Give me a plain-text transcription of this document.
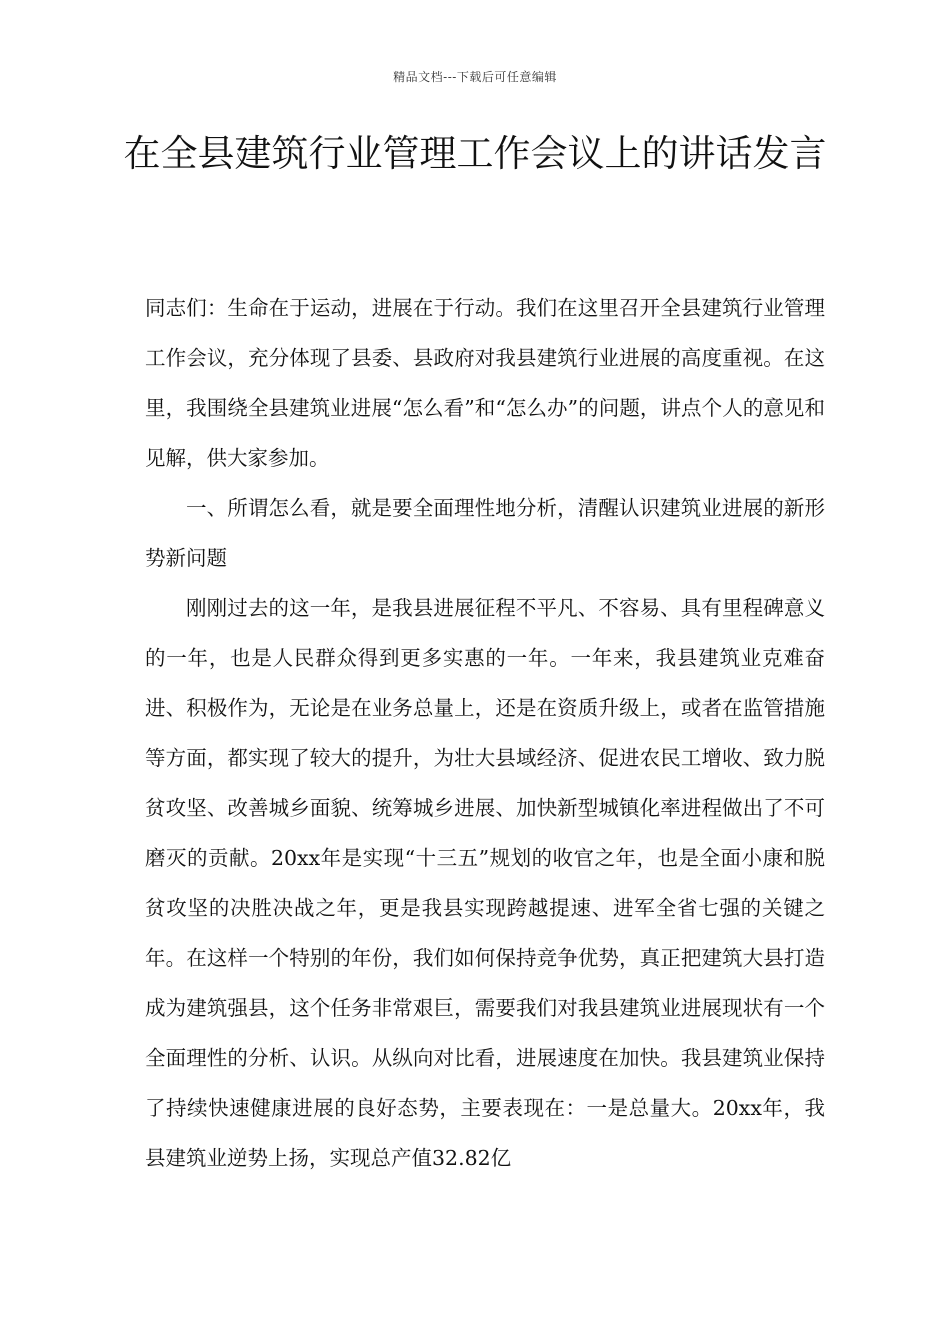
精品文档---下载后可任意编辑
在全县建筑行业管理工作会议上的讲话发言

同志们：生命在于运动，进展在于行动。我们在这里召开全县建筑行业管理工作会议，充分体现了县委、县政府对我县建筑行业进展的高度重视。在这里，我围绕全县建筑业进展“怎么看”和“怎么办”的问题，讲点个人的意见和见解，供大家参加。

一、所谓怎么看，就是要全面理性地分析，清醒认识建筑业进展的新形势新问题

刚刚过去的这一年，是我县进展征程不平凡、不容易、具有里程碑意义的一年，也是人民群众得到更多实惠的一年。一年来，我县建筑业克难奋进、积极作为，无论是在业务总量上，还是在资质升级上，或者在监管措施等方面，都实现了较大的提升，为壮大县域经济、促进农民工增收、致力脱贫攻坚、改善城乡面貌、统筹城乡进展、加快新型城镇化率进程做出了不可磨灭的贡献。20xx年是实现“十三五”规划的收官之年，也是全面小康和脱贫攻坚的决胜决战之年，更是我县实现跨越提速、进军全省七强的关键之年。在这样一个特别的年份，我们如何保持竞争优势，真正把建筑大县打造成为建筑强县，这个任务非常艰巨，需要我们对我县建筑业进展现状有一个全面理性的分析、认识。从纵向对比看，进展速度在加快。我县建筑业保持了持续快速健康进展的良好态势，主要表现在：一是总量大。20xx年，我县建筑业逆势上扬，实现总产值32.82亿
